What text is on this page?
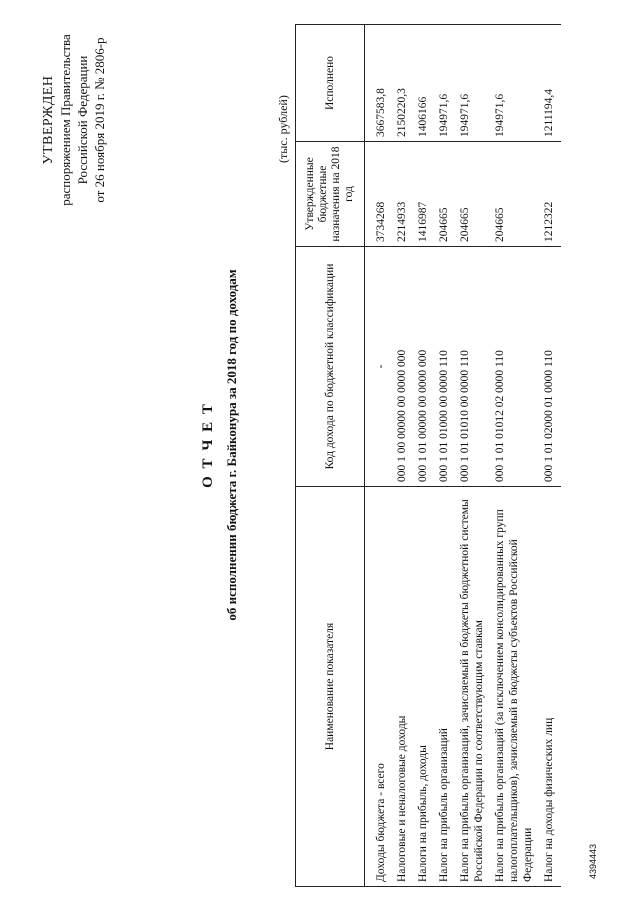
УТВЕРЖДЕН распоряжением Правительства Российской Федерации от 26 ноября 2019 г. № 2806-р
О Т Ч Е Т об исполнении бюджета г. Байконура за 2018 год по доходам
(тыс. рублей)
Наименование показателя	Код дохода по бюджетной классификации	Утвержденные бюджетные назначения на 2018 год	Исполнено
Доходы бюджета - всего	-	3734268	3667583,8
Налоговые и неналоговые доходы	000 1 00 00000 00 0000 000	2214933	2150220,3
Налоги на прибыль, доходы	000 1 01 00000 00 0000 000	1416987	1406166
Налог на прибыль организаций	000 1 01 01000 00 0000 110	204665	194971,6
Налог на прибыль организаций, зачисляемый в бюджеты бюджетной системы Российской Федерации по соответствующим ставкам	000 1 01 01010 00 0000 110	204665	194971,6
Налог на прибыль организаций (за исключением консолидированных групп налогоплательщиков), зачисляемый в бюджеты субъектов Российской Федерации	000 1 01 01012 02 0000 110	204665	194971,6
Налог на доходы физических лиц	000 1 01 02000 01 0000 110	1212322	1211194,4
4394443
